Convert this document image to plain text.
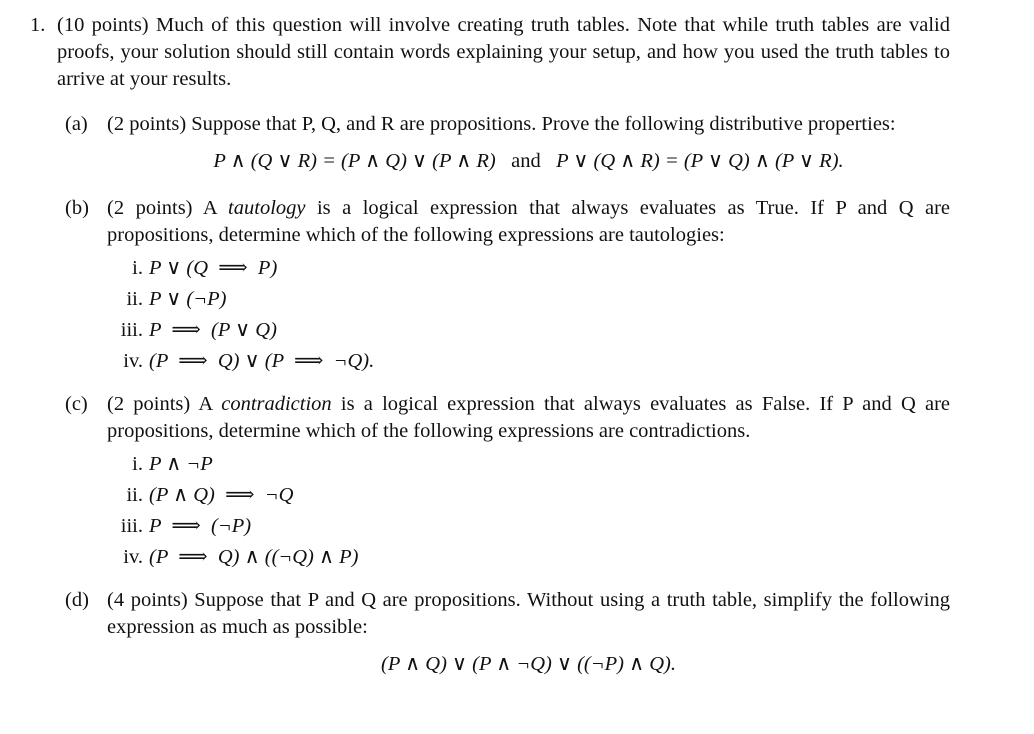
1. (10 points) Much of this question will involve creating truth tables. Note that while truth tables are valid proofs, your solution should still contain words explaining your setup, and how you used the truth tables to arrive at your results.
(a) (2 points) Suppose that P, Q, and R are propositions. Prove the following distributive properties:
P ∧ (Q ∨ R) = (P ∧ Q) ∨ (P ∧ R) and P ∨ (Q ∧ R) = (P ∨ Q) ∧ (P ∨ R).
(b) (2 points) A tautology is a logical expression that always evaluates as True. If P and Q are propositions, determine which of the following expressions are tautologies:
i. P ∨ (Q  ⟹  P)
ii. P ∨ (¬P)
iii. P  ⟹  (P ∨ Q)
iv. (P  ⟹  Q) ∨ (P  ⟹  ¬Q).
(c) (2 points) A contradiction is a logical expression that always evaluates as False. If P and Q are propositions, determine which of the following expressions are contradictions.
i. P ∧ ¬P
ii. (P ∧ Q)  ⟹  ¬Q
iii. P  ⟹  (¬P)
iv. (P  ⟹  Q) ∧ ((¬Q) ∧ P)
(d) (4 points) Suppose that P and Q are propositions. Without using a truth table, simplify the following expression as much as possible:
(P ∧ Q) ∨ (P ∧ ¬Q) ∨ ((¬P) ∧ Q).
